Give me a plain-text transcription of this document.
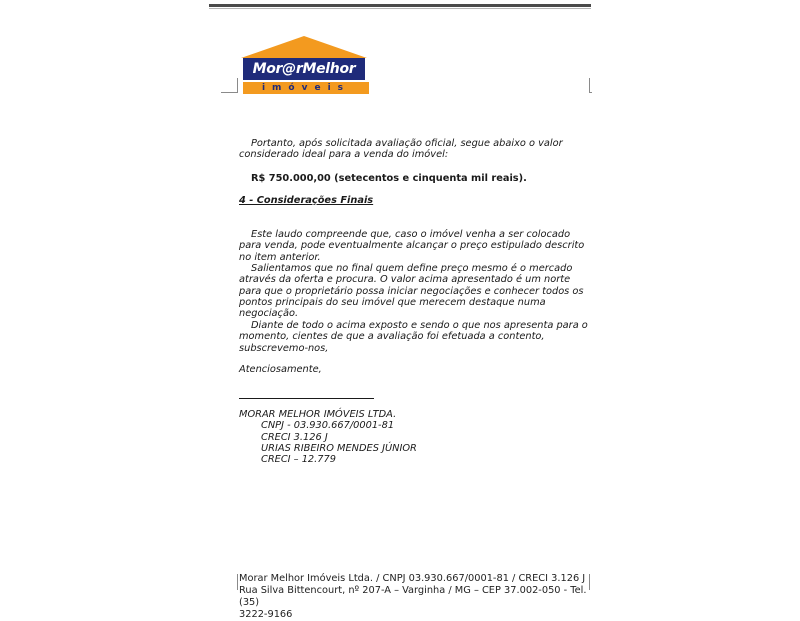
Mor@rMelhor
imóveis

Portanto, após solicitada avaliação oficial, segue abaixo o valor considerado ideal para a venda do imóvel:

R$ 750.000,00 (setecentos e cinquenta mil reais).

4 - Considerações Finais

Este laudo compreende que, caso o imóvel venha a ser colocado para venda, pode eventualmente alcançar o preço estipulado descrito no item anterior.

Salientamos que no final quem define preço mesmo é o mercado através da oferta e procura. O valor acima apresentado é um norte para que o proprietário possa iniciar negociações e conhecer todos os pontos principais do seu imóvel que merecem destaque numa negociação.

Diante de todo o acima exposto e sendo o que nos apresenta para o momento, cientes de que a avaliação foi efetuada a contento, subscrevemo-nos,

Atenciosamente,

MORAR MELHOR IMÓVEIS LTDA.

CNPJ - 03.930.667/0001-81

CRECI 3.126 J

URIAS RIBEIRO MENDES JÚNIOR

CRECI – 12.779

Morar Melhor Imóveis Ltda. / CNPJ 03.930.667/0001-81 / CRECI 3.126 J
Rua Silva Bittencourt, nº 207-A – Varginha / MG – CEP 37.002-050 - Tel. (35)
3222-9166
